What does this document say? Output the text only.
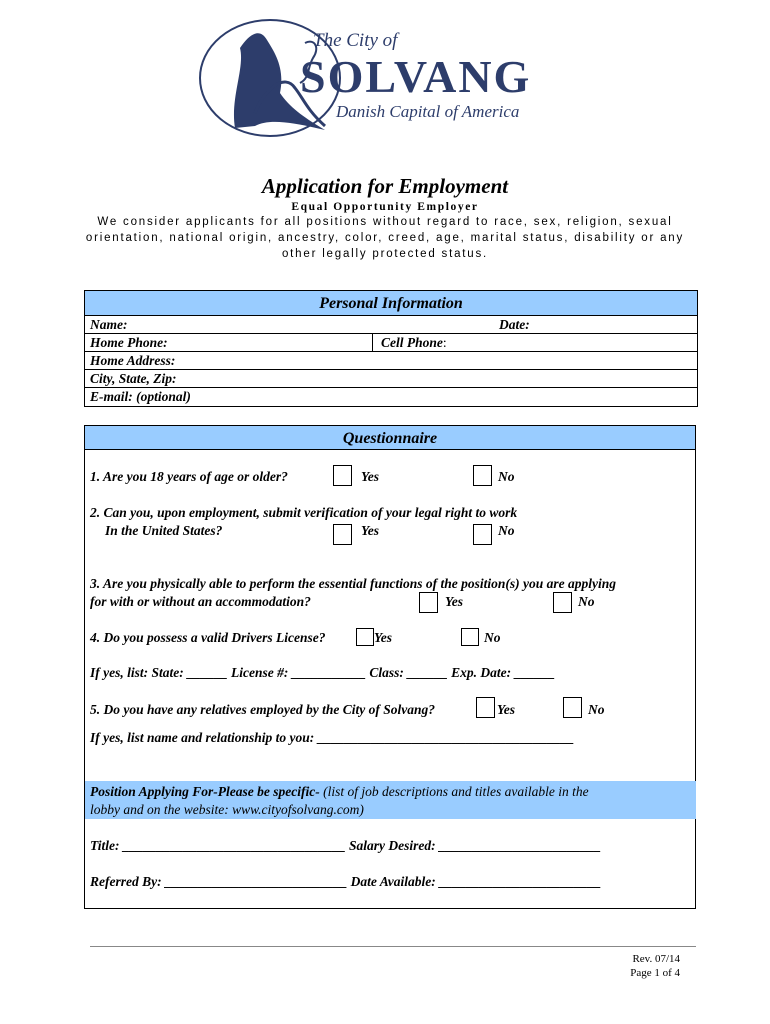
The City of
SOLVANG
Danish Capital of America
Application for Employment
Equal Opportunity Employer
We consider applicants for all positions without regard to race, sex, religion, sexual orientation, national origin, ancestry, color, creed, age, marital status, disability or any other legally protected status.
Personal Information
Name:	Date:
Home Phone:	Cell Phone:
Home Address:
City, State, Zip:
E-mail: (optional)
Questionnaire
1. Are you 18 years of age or older?	Yes	No
2. Can you, upon employment, submit verification of your legal right to work
In the United States?	Yes	No
3. Are you physically able to perform the essential functions of the position(s) you are applying
for with or without an accommodation?	Yes	No
4. Do you possess a valid Drivers License?	Yes	No
If yes, list: State: ______ License #: ___________ Class: ______ Exp. Date: ______
5. Do you have any relatives employed by the City of Solvang?	Yes	No
If yes, list name and relationship to you: ______________________________________
Position Applying For-Please be specific- (list of job descriptions and titles available in the
lobby and on the website: www.cityofsolvang.com)
Title: _________________________________ Salary Desired: ________________________
Referred By: ___________________________ Date Available: ________________________
Rev. 07/14
Page 1 of 4
